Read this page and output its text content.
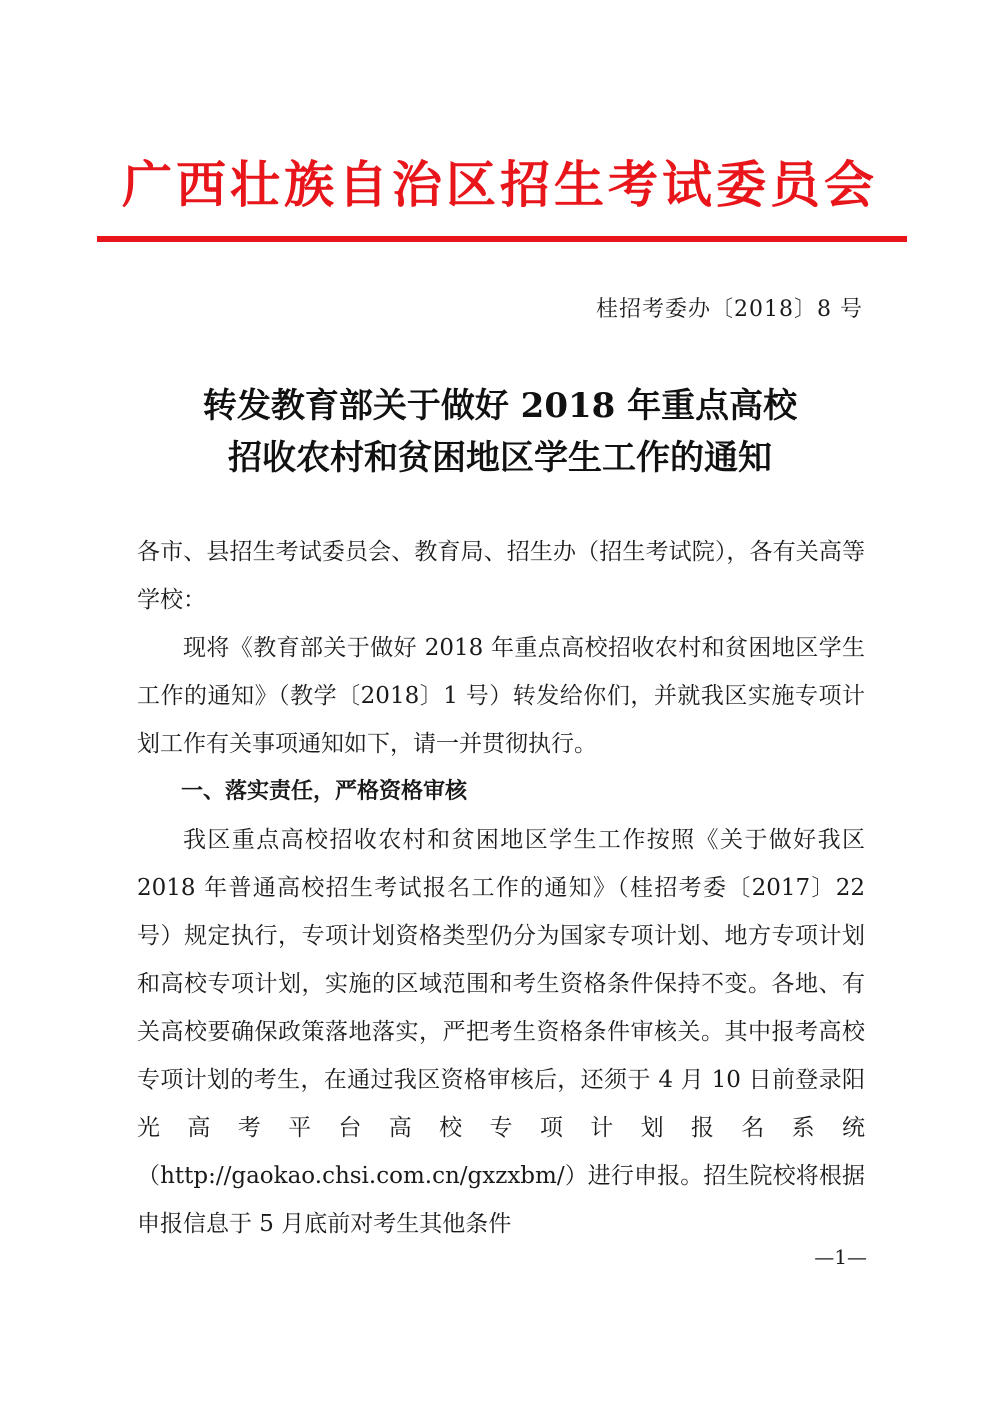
广西壮族自治区招生考试委员会
桂招考委办〔2018〕8 号
转发教育部关于做好 2018 年重点高校
招收农村和贫困地区学生工作的通知

各市、县招生考试委员会、教育局、招生办（招生考试院），各有关高等学校：

现将《教育部关于做好 2018 年重点高校招收农村和贫困地区学生工作的通知》（教学〔2018〕1 号）转发给你们，并就我区实施专项计划工作有关事项通知如下，请一并贯彻执行。

一、落实责任，严格资格审核

我区重点高校招收农村和贫困地区学生工作按照《关于做好我区 2018 年普通高校招生考试报名工作的通知》（桂招考委〔2017〕22 号）规定执行，专项计划资格类型仍分为国家专项计划、地方专项计划和高校专项计划，实施的区域范围和考生资格条件保持不变。各地、有关高校要确保政策落地落实，严把考生资格条件审核关。其中报考高校专项计划的考生，在通过我区资格审核后，还须于 4 月 10 日前登录阳光高考平台高校专项计划报名系统（http://gaokao.chsi.com.cn/gxzxbm/）进行申报。招生院校将根据申报信息于 5 月底前对考生其他条件

—1—
